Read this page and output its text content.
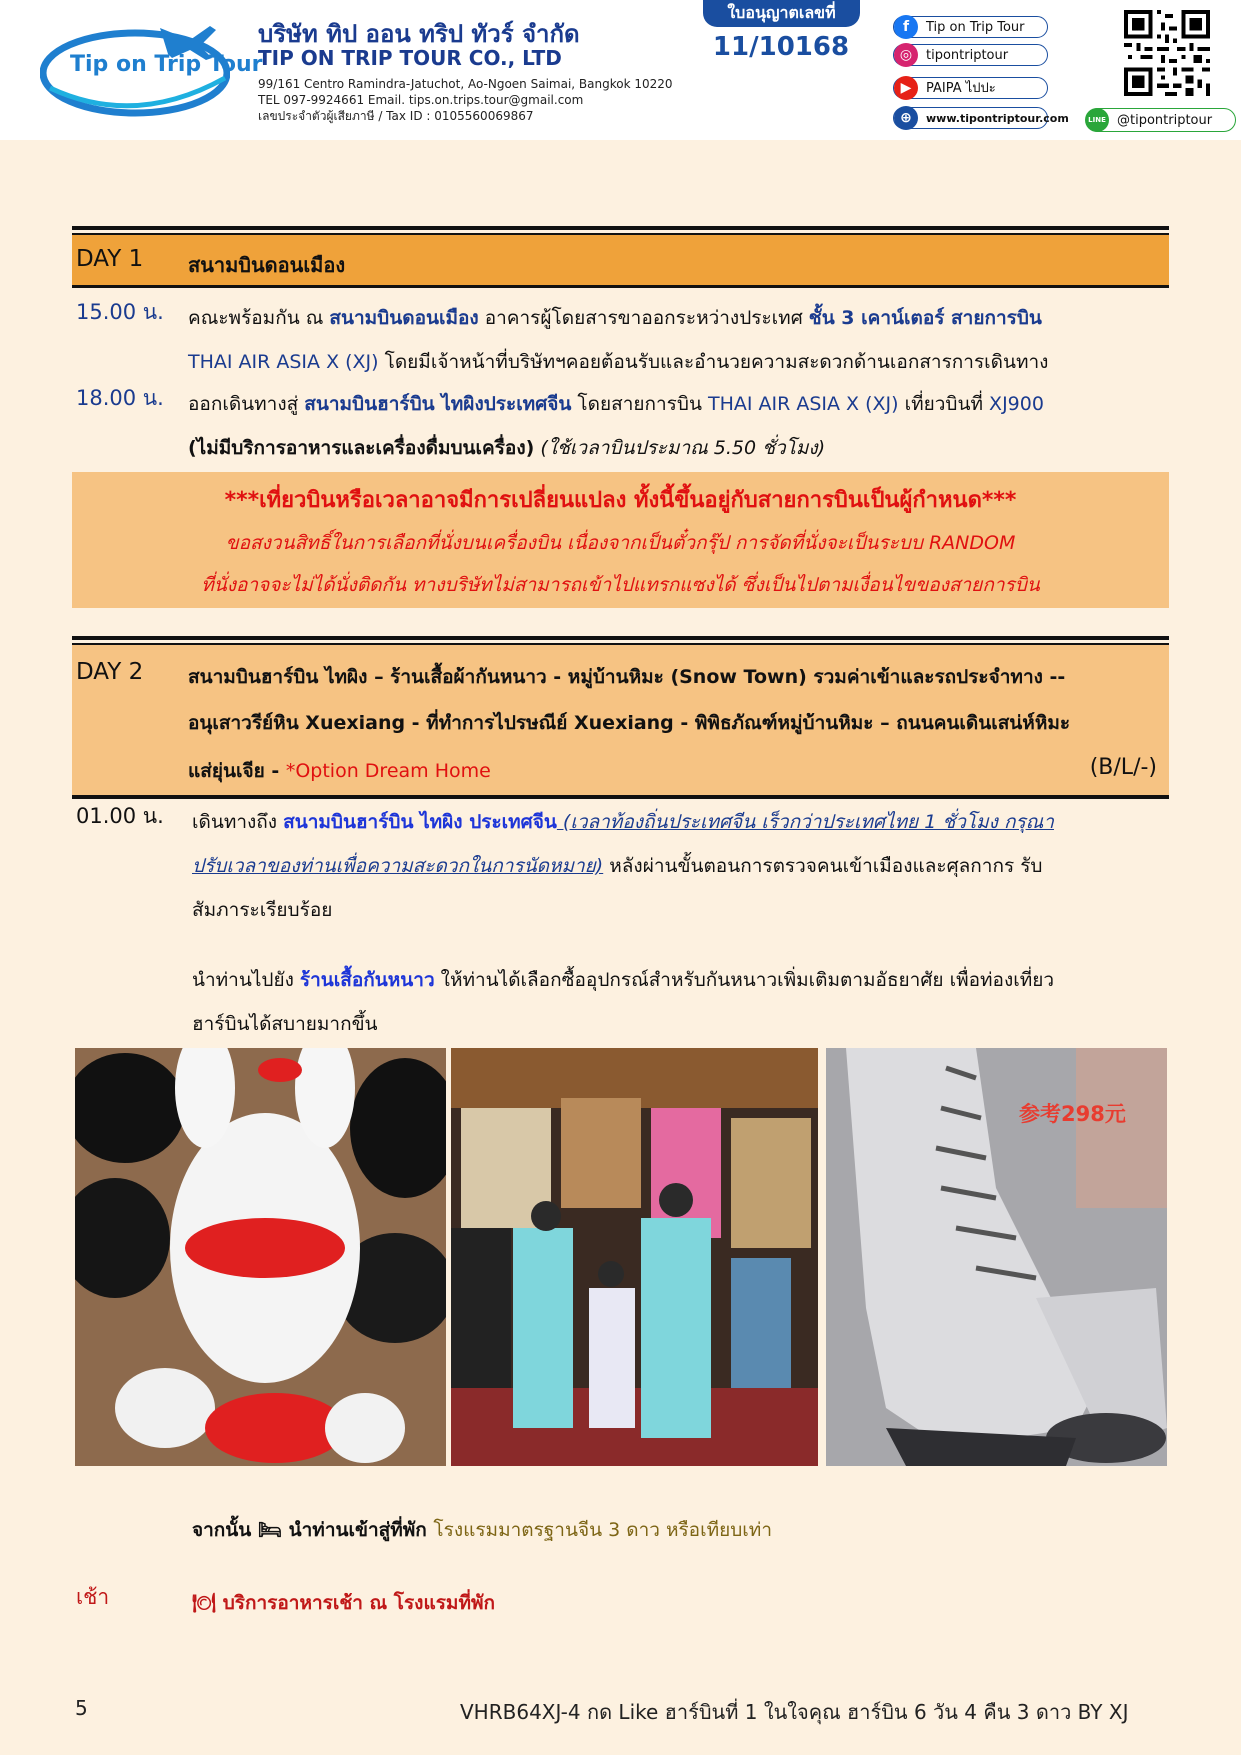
Tip on Trip Tour
บริษัท ทิป ออน ทริป ทัวร์ จำกัด
TIP ON TRIP TOUR CO., LTD
99/161 Centro Ramindra-Jatuchot, Ao-Ngoen Saimai, Bangkok 10220
TEL 097-9924661 Email. tips.on.trips.tour@gmail.com
เลขประจำตัวผู้เสียภาษี / Tax ID : 0105560069867
ใบอนุญาตเลขที่
11/10168
f	Tip on Trip Tour
◎	tipontriptour
▶	PAIPA ไปปะ
⊕	www.tipontriptour.com	LINE @tipontriptour
DAY 1 สนามบินดอนเมือง
15.00 น. คณะพร้อมกัน ณ สนามบินดอนเมือง อาคารผู้โดยสารขาออกระหว่างประเทศ ชั้น 3 เคาน์เตอร์ สายการบิน
THAI AIR ASIA X (XJ) โดยมีเจ้าหน้าที่บริษัทฯคอยต้อนรับและอำนวยความสะดวกด้านเอกสารการเดินทาง
18.00 น. ออกเดินทางสู่ สนามบินฮาร์บิน ไทผิงประเทศจีน โดยสายการบิน THAI AIR ASIA X (XJ) เที่ยวบินที่ XJ900
(ไม่มีบริการอาหารและเครื่องดื่มบนเครื่อง) (ใช้เวลาบินประมาณ 5.50 ชั่วโมง)
***เที่ยวบินหรือเวลาอาจมีการเปลี่ยนแปลง ทั้งนี้ขึ้นอยู่กับสายการบินเป็นผู้กำหนด***
ขอสงวนสิทธิ์ในการเลือกที่นั่งบนเครื่องบิน เนื่องจากเป็นตั๋วกรุ๊ป การจัดที่นั่งจะเป็นระบบ RANDOM
ที่นั่งอาจจะไม่ได้นั่งติดกัน ทางบริษัทไม่สามารถเข้าไปแทรกแซงได้ ซึ่งเป็นไปตามเงื่อนไขของสายการบิน
DAY 2 สนามบินฮาร์บิน ไทผิง – ร้านเสื้อผ้ากันหนาว - หมู่บ้านหิมะ (Snow Town) รวมค่าเข้าและรถประจำทาง --
อนุเสาวรีย์หิน Xuexiang - ที่ทำการไปรษณีย์ Xuexiang - พิพิธภัณฑ์หมู่บ้านหิมะ – ถนนคนเดินเสน่ห์หิมะ
แส่ยุ่นเจีย - *Option Dream Home	(B/L/-)
01.00 น. เดินทางถึง สนามบินฮาร์บิน ไทผิง ประเทศจีน (เวลาท้องถิ่นประเทศจีน เร็วกว่าประเทศไทย 1 ชั่วโมง กรุณา
ปรับเวลาของท่านเพื่อความสะดวกในการนัดหมาย) หลังผ่านขั้นตอนการตรวจคนเข้าเมืองและศุลกากร รับ
สัมภาระเรียบร้อย
นำท่านไปยัง ร้านเสื้อกันหนาว ให้ท่านได้เลือกซื้ออุปกรณ์สำหรับกันหนาวเพิ่มเติมตามอัธยาศัย เพื่อท่องเที่ยว
ฮาร์บินได้สบายมากขึ้น
参考298元
จากนั้น 🛏 นำท่านเข้าสู่ที่พัก โรงแรมมาตรฐานจีน 3 ดาว หรือเทียบเท่า
เช้า	🍽 บริการอาหารเช้า ณ โรงแรมที่พัก
5	VHRB64XJ-4 กด Like ฮาร์บินที่ 1 ในใจคุณ ฮาร์บิน 6 วัน 4 คืน 3 ดาว BY XJ
